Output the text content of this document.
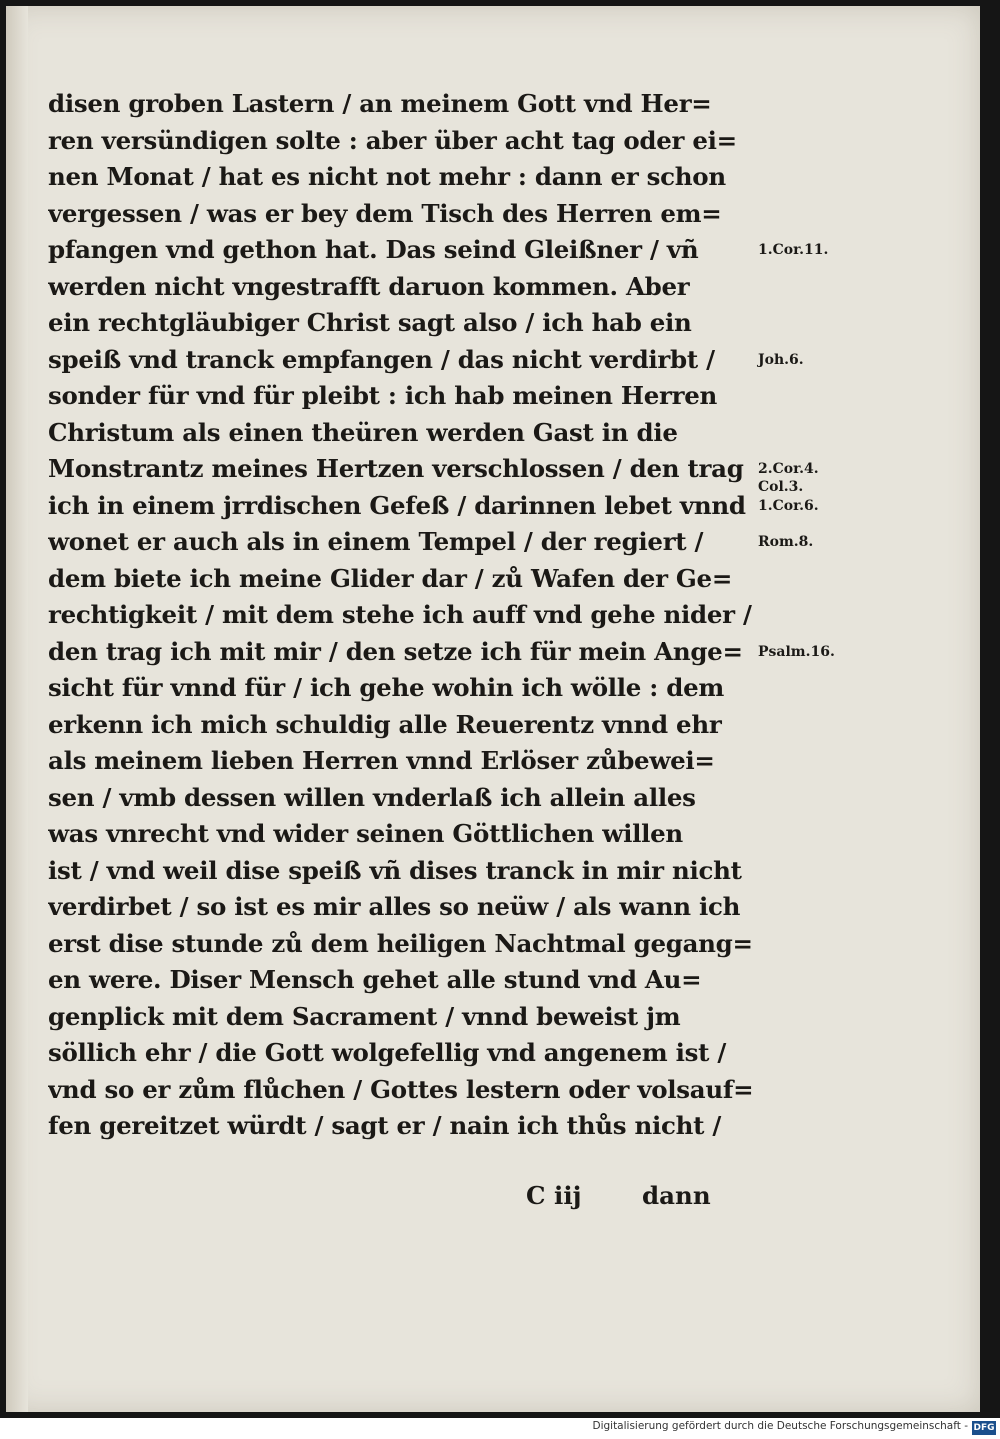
disen groben Lastern / an meinem Gott vnd Her=
ren versündigen solte : aber über acht tag oder ei=
nen Monat / hat es nicht not mehr : dann er schon
vergessen / was er bey dem Tisch des Herren em=
pfangen vnd gethon hat. Das seind Gleißner / vñ
werden nicht vngestrafft daruon kommen. Aber
ein rechtgläubiger Christ sagt also / ich hab ein
speiß vnd tranck empfangen / das nicht verdirbt /
sonder für vnd für pleibt : ich hab meinen Herren
Christum als einen theüren werden Gast in die
Monstrantz meines Hertzen verschlossen / den trag
ich in einem jrrdischen Gefeß / darinnen lebet vnnd
wonet er auch als in einem Tempel / der regiert /
dem biete ich meine Glider dar / zů Wafen der Ge=
rechtigkeit / mit dem stehe ich auff vnd gehe nider /
den trag ich mit mir / den setze ich für mein Ange=
sicht für vnnd für / ich gehe wohin ich wölle : dem
erkenn ich mich schuldig alle Reuerentz vnnd ehr
als meinem lieben Herren vnnd Erlöser zůbewei=
sen / vmb dessen willen vnderlaß ich allein alles
was vnrecht vnd wider seinen Göttlichen willen
ist / vnd weil dise speiß vñ dises tranck in mir nicht
verdirbet / so ist es mir alles so neüw / als wann ich
erst dise stunde zů dem heiligen Nachtmal gegang=
en were. Diser Mensch gehet alle stund vnd Au=
genplick mit dem Sacrament / vnnd beweist jm
söllich ehr / die Gott wolgefellig vnd angenem ist /
vnd so er zům flůchen / Gottes lestern oder volsauf=
fen gereitzet würdt / sagt er / nain ich thůs nicht /
1.Cor.11.
Joh.6.
2.Cor.4.
Col.3.
1.Cor.6.
Rom.8.
Psalm.16.
C iij dann
Digitalisierung gefördert durch die Deutsche Forschungsgemeinschaft - DFG
